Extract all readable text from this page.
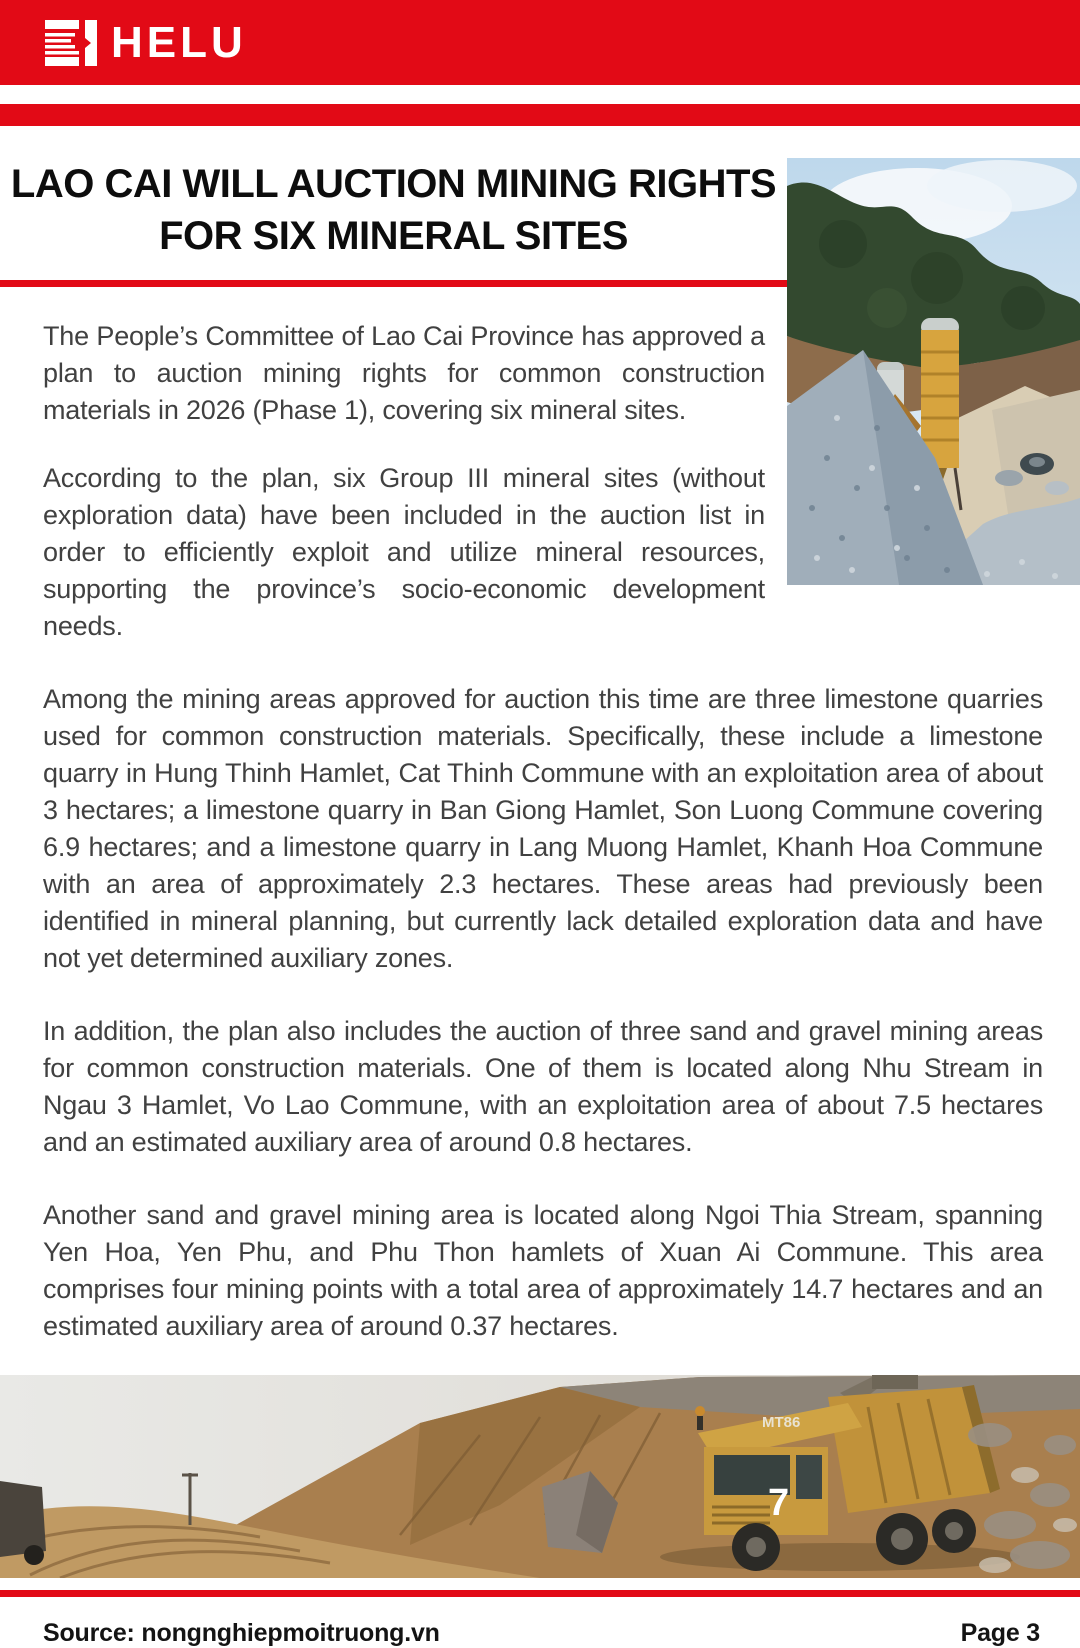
HELU
LAO CAI WILL AUCTION MINING RIGHTS
FOR SIX MINERAL SITES

The People’s Committee of Lao Cai Province has approved a plan to auction mining rights for common construction materials in 2026 (Phase 1), covering six mineral sites.

According to the plan, six Group III mineral sites (without exploration data) have been included in the auction list in order to efficiently exploit and utilize mineral resources, supporting the province’s socio-economic development needs.

Among the mining areas approved for auction this time are three limestone quarries used for common construction materials. Specifically, these include a limestone quarry in Hung Thinh Hamlet, Cat Thinh Commune with an exploitation area of about 3 hectares; a limestone quarry in Ban Giong Hamlet, Son Luong Commune covering 6.9 hectares; and a limestone quarry in Lang Muong Hamlet, Khanh Hoa Commune with an area of approximately 2.3 hectares. These areas had previously been identified in mineral planning, but currently lack detailed exploration data and have not yet determined auxiliary zones.

In addition, the plan also includes the auction of three sand and gravel mining areas for common construction materials. One of them is located along Nhu Stream in Ngau 3 Hamlet, Vo Lao Commune, with an exploitation area of about 7.5 hectares and an estimated auxiliary area of around 0.8 hectares.

Another sand and gravel mining area is located along Ngoi Thia Stream, spanning Yen Hoa, Yen Phu, and Phu Thon hamlets of Xuan Ai Commune. This area comprises four mining points with a total area of approximately 14.7 hectares and an estimated auxiliary area of around 0.37 hectares.

MT86
7
Source: nongnghiepmoitruong.vn	Page 3
